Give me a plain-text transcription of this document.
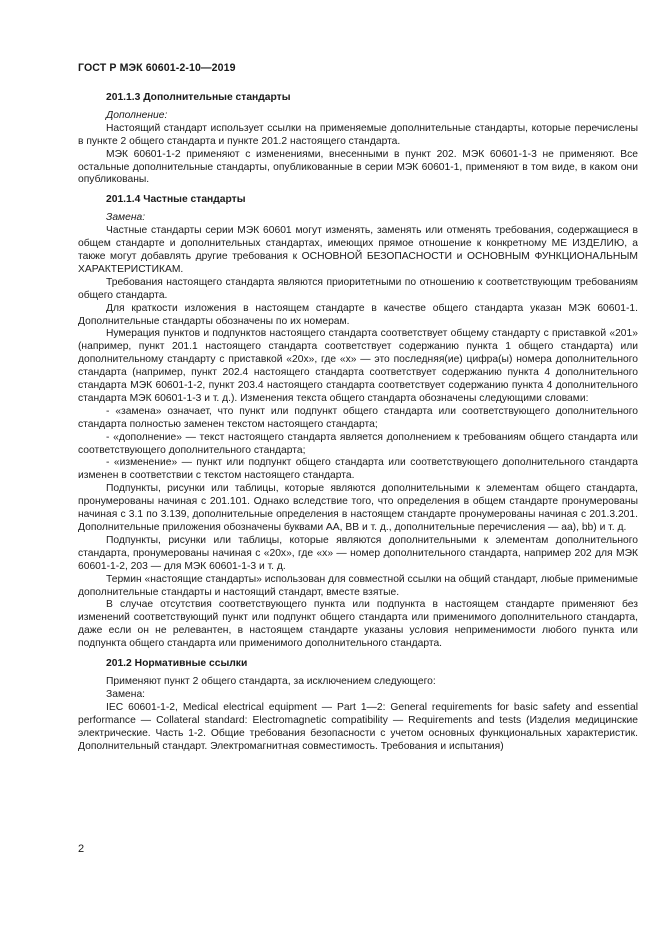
ГОСТ Р МЭК 60601-2-10—2019

201.1.3 Дополнительные стандарты

Дополнение:

Настоящий стандарт использует ссылки на применяемые дополнительные стандарты, которые перечислены в пункте 2 общего стандарта и пункте 201.2 настоящего стандарта.

МЭК 60601-1-2 применяют с изменениями, внесенными в пункт 202. МЭК 60601-1-3 не применяют. Все остальные дополнительные стандарты, опубликованные в серии МЭК 60601-1, применяют в том виде, в каком они опубликованы.

201.1.4 Частные стандарты

Замена:

Частные стандарты серии МЭК 60601 могут изменять, заменять или отменять требования, содержащиеся в общем стандарте и дополнительных стандартах, имеющих прямое отношение к конкретному МЕ ИЗДЕЛИЮ, а также могут добавлять другие требования к ОСНОВНОЙ БЕЗОПАСНОСТИ и ОСНОВНЫМ ФУНКЦИОНАЛЬНЫМ ХАРАКТЕРИСТИКАМ.

Требования настоящего стандарта являются приоритетными по отношению к соответствующим требованиям общего стандарта.

Для краткости изложения в настоящем стандарте в качестве общего стандарта указан МЭК 60601-1. Дополнительные стандарты обозначены по их номерам.

Нумерация пунктов и подпунктов настоящего стандарта соответствует общему стандарту с приставкой «201» (например, пункт 201.1 настоящего стандарта соответствует содержанию пункта 1 общего стандарта) или дополнительному стандарту с приставкой «20х», где «х» — это последняя(ие) цифра(ы) номера дополнительного стандарта (например, пункт 202.4 настоящего стандарта соответствует содержанию пункта 4 дополнительного стандарта МЭК 60601-1-2, пункт 203.4 настоящего стандарта соответствует содержанию пункта 4 дополнительного стандарта МЭК 60601-1-3 и т. д.). Изменения текста общего стандарта обозначены следующими словами:

- «замена» означает, что пункт или подпункт общего стандарта или соответствующего дополнительного стандарта полностью заменен текстом настоящего стандарта;

- «дополнение» — текст настоящего стандарта является дополнением к требованиям общего стандарта или соответствующего дополнительного стандарта;

- «изменение» — пункт или подпункт общего стандарта или соответствующего дополнительного стандарта изменен в соответствии с текстом настоящего стандарта.

Подпункты, рисунки или таблицы, которые являются дополнительными к элементам общего стандарта, пронумерованы начиная с 201.101. Однако вследствие того, что определения в общем стандарте пронумерованы начиная с 3.1 по 3.139, дополнительные определения в настоящем стандарте пронумерованы начиная с 201.3.201. Дополнительные приложения обозначены буквами АА, ВВ и т. д., дополнительные перечисления — аа), bb) и т. д.

Подпункты, рисунки или таблицы, которые являются дополнительными к элементам дополнительного стандарта, пронумерованы начиная с «20х», где «х» — номер дополнительного стандарта, например 202 для МЭК 60601-1-2, 203 — для МЭК 60601-1-3 и т. д.

Термин «настоящие стандарты» использован для совместной ссылки на общий стандарт, любые применимые дополнительные стандарты и настоящий стандарт, вместе взятые.

В случае отсутствия соответствующего пункта или подпункта в настоящем стандарте применяют без изменений соответствующий пункт или подпункт общего стандарта или применимого дополнительного стандарта, даже если он не релевантен, в настоящем стандарте указаны условия неприменимости любого пункта или подпункта общего стандарта или применимого дополнительного стандарта.

201.2 Нормативные ссылки

Применяют пункт 2 общего стандарта, за исключением следующего:

Замена:

IEC 60601-1-2, Medical electrical equipment — Part 1—2: General requirements for basic safety and essential performance — Collateral standard: Electromagnetic compatibility — Requirements and tests (Изделия медицинские электрические. Часть 1-2. Общие требования безопасности с учетом основных функциональных характеристик. Дополнительный стандарт. Электромагнитная совместимость. Требования и испытания)

2
